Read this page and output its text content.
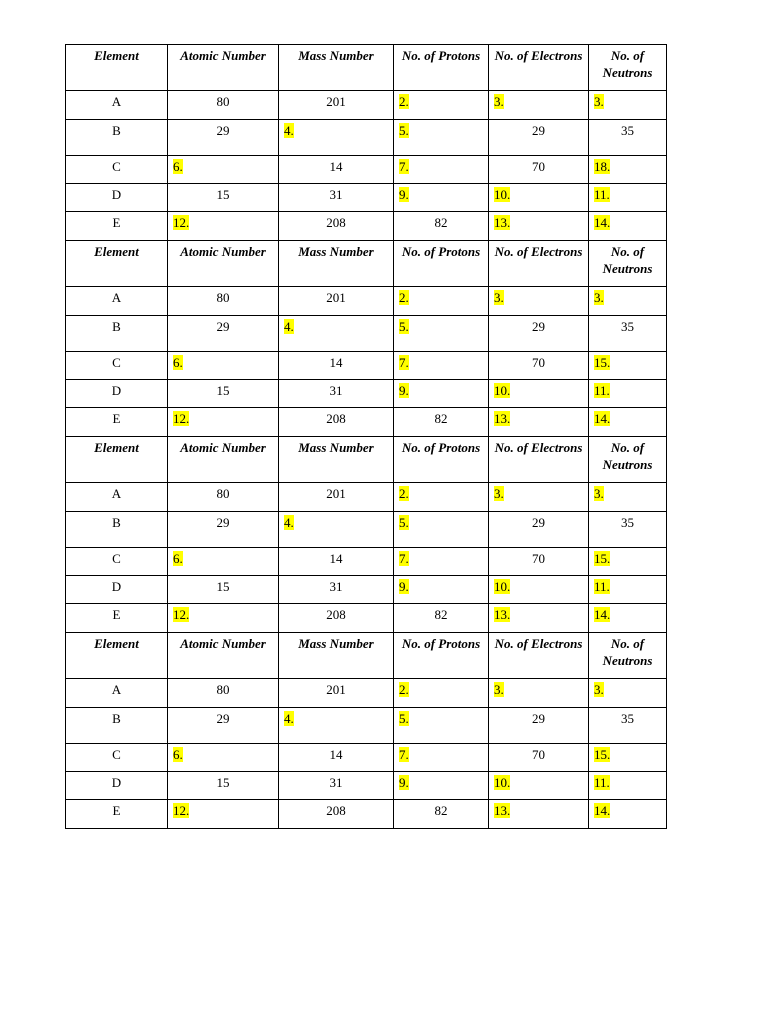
Element	Atomic Number	Mass Number	No. of Protons	No. of Electrons	No. of Neutrons
A	80	201	2.	3.	3.
B	29	4.	5.	29	35
C	6.	14	7.	70	18.
D	15	31	9.	10.	11.
E	12.	208	82	13.	14.
Element	Atomic Number	Mass Number	No. of Protons	No. of Electrons	No. of Neutrons
A	80	201	2.	3.	3.
B	29	4.	5.	29	35
C	6.	14	7.	70	15.
D	15	31	9.	10.	11.
E	12.	208	82	13.	14.
Element	Atomic Number	Mass Number	No. of Protons	No. of Electrons	No. of Neutrons
A	80	201	2.	3.	3.
B	29	4.	5.	29	35
C	6.	14	7.	70	15.
D	15	31	9.	10.	11.
E	12.	208	82	13.	14.
Element	Atomic Number	Mass Number	No. of Protons	No. of Electrons	No. of Neutrons
A	80	201	2.	3.	3.
B	29	4.	5.	29	35
C	6.	14	7.	70	15.
D	15	31	9.	10.	11.
E	12.	208	82	13.	14.
